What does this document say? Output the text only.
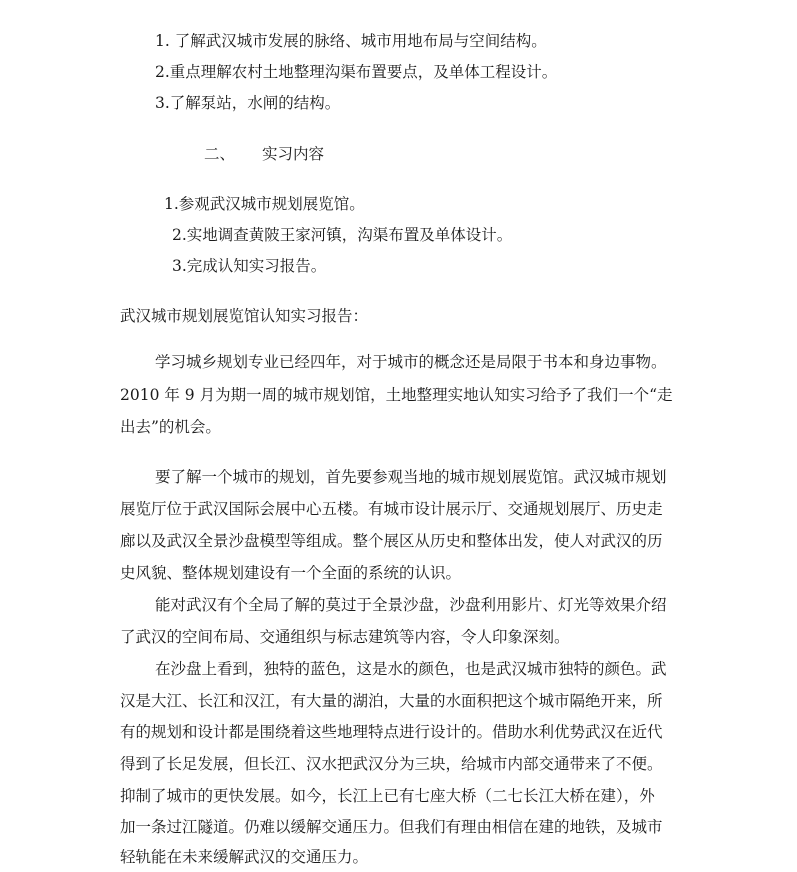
1. 了解武汉城市发展的脉络、城市用地布局与空间结构。
2.重点理解农村土地整理沟渠布置要点，及单体工程设计。
3.了解泵站，水闸的结构。
二、 实习内容
1.参观武汉城市规划展览馆。
2.实地调查黄陂王家河镇，沟渠布置及单体设计。
3.完成认知实习报告。
武汉城市规划展览馆认知实习报告：
学习城乡规划专业已经四年，对于城市的概念还是局限于书本和身边事物。
2010 年 9 月为期一周的城市规划馆，土地整理实地认知实习给予了我们一个“走
出去”的机会。
要了解一个城市的规划，首先要参观当地的城市规划展览馆。武汉城市规划
展览厅位于武汉国际会展中心五楼。有城市设计展示厅、交通规划展厅、历史走
廊以及武汉全景沙盘模型等组成。整个展区从历史和整体出发，使人对武汉的历
史风貌、整体规划建设有一个全面的系统的认识。
能对武汉有个全局了解的莫过于全景沙盘，沙盘利用影片、灯光等效果介绍
了武汉的空间布局、交通组织与标志建筑等内容，令人印象深刻。
在沙盘上看到，独特的蓝色，这是水的颜色，也是武汉城市独特的颜色。武
汉是大江、长江和汉江，有大量的湖泊，大量的水面积把这个城市隔绝开来，所
有的规划和设计都是围绕着这些地理特点进行设计的。借助水利优势武汉在近代
得到了长足发展，但长江、汉水把武汉分为三块，给城市内部交通带来了不便。
抑制了城市的更快发展。如今，长江上已有七座大桥（二七长江大桥在建），外
加一条过江隧道。仍难以缓解交通压力。但我们有理由相信在建的地铁，及城市
轻轨能在未来缓解武汉的交通压力。
